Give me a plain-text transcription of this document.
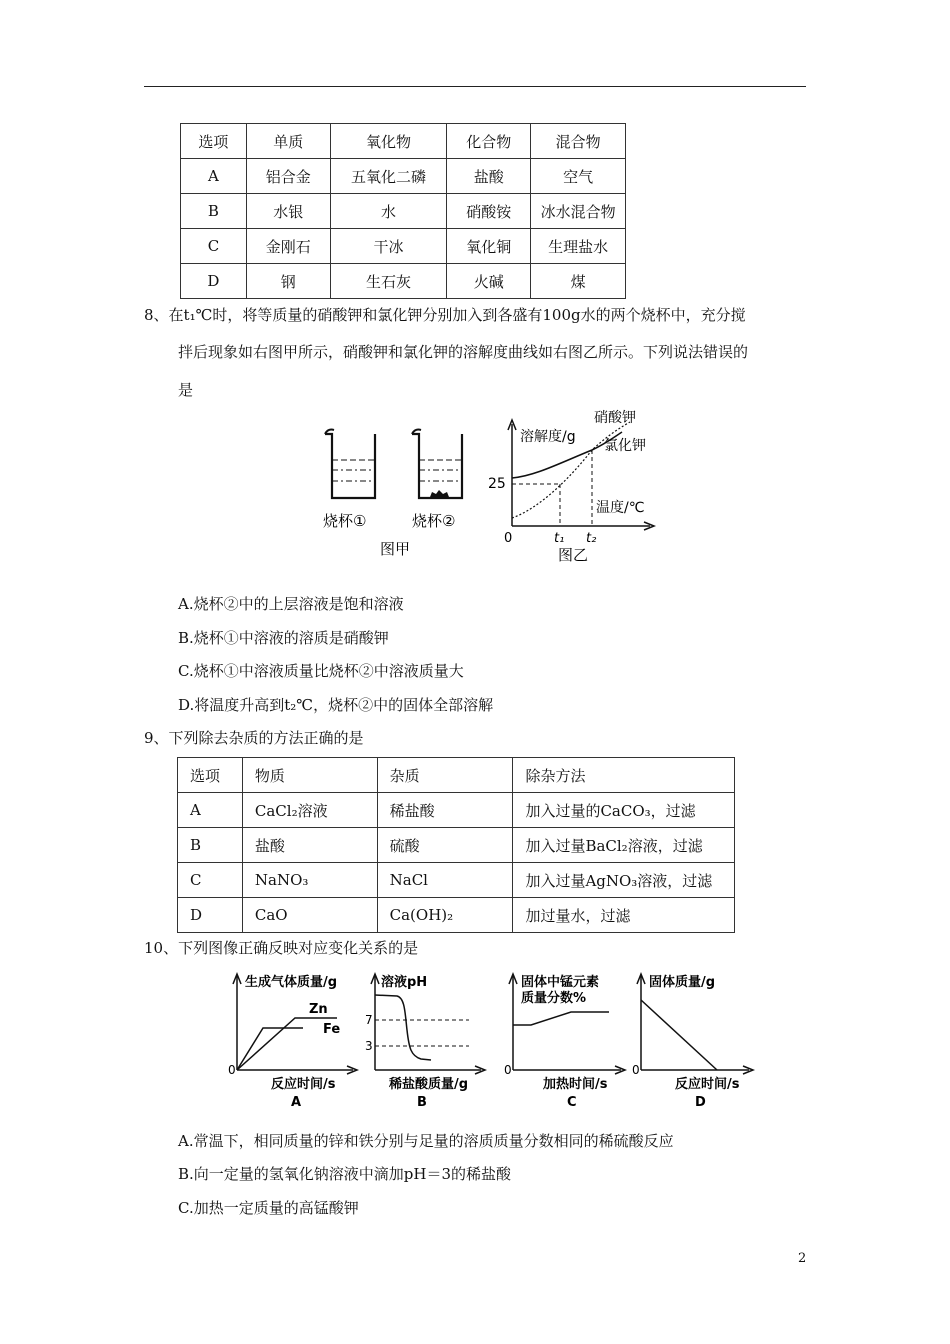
选项	单质	氧化物	化合物	混合物
A	铝合金	五氧化二磷	盐酸	空气
B	水银	水	硝酸铵	冰水混合物
C	金刚石	干冰	氧化铜	生理盐水
D	钢	生石灰	火碱	煤
8、在t₁℃时，将等质量的硝酸钾和氯化钾分别加入到各盛有100g水的两个烧杯中，充分搅
拌后现象如右图甲所示，硝酸钾和氯化钾的溶解度曲线如右图乙所示。下列说法错误的
是
烧杯①	烧杯②
图甲
溶解度/g
硝酸钾
氯化钾
25
温度/℃
0	t₁ t₂
图乙
A.烧杯②中的上层溶液是饱和溶液
B.烧杯①中溶液的溶质是硝酸钾
C.烧杯①中溶液质量比烧杯②中溶液质量大
D.将温度升高到t₂℃，烧杯②中的固体全部溶解
9、下列除去杂质的方法正确的是
选项	物质	杂质	除杂方法
A	CaCl₂溶液	稀盐酸	加入过量的CaCO₃，过滤
B	盐酸	硫酸	加入过量BaCl₂溶液，过滤
C	NaNO₃	NaCl	加入过量AgNO₃溶液，过滤
D	CaO	Ca(OH)₂	加过量水，过滤
10、下列图像正确反映对应变化关系的是
生成气体质量/g
Zn
Fe
0
反应时间/s
A
溶液pH
7
3
稀盐酸质量/g
B
固体中锰元素
质量分数%
0
加热时间/s
C
固体质量/g
0
反应时间/s
D
A.常温下，相同质量的锌和铁分别与足量的溶质质量分数相同的稀硫酸反应
B.向一定量的氢氧化钠溶液中滴加pH＝3的稀盐酸
C.加热一定质量的高锰酸钾
2
